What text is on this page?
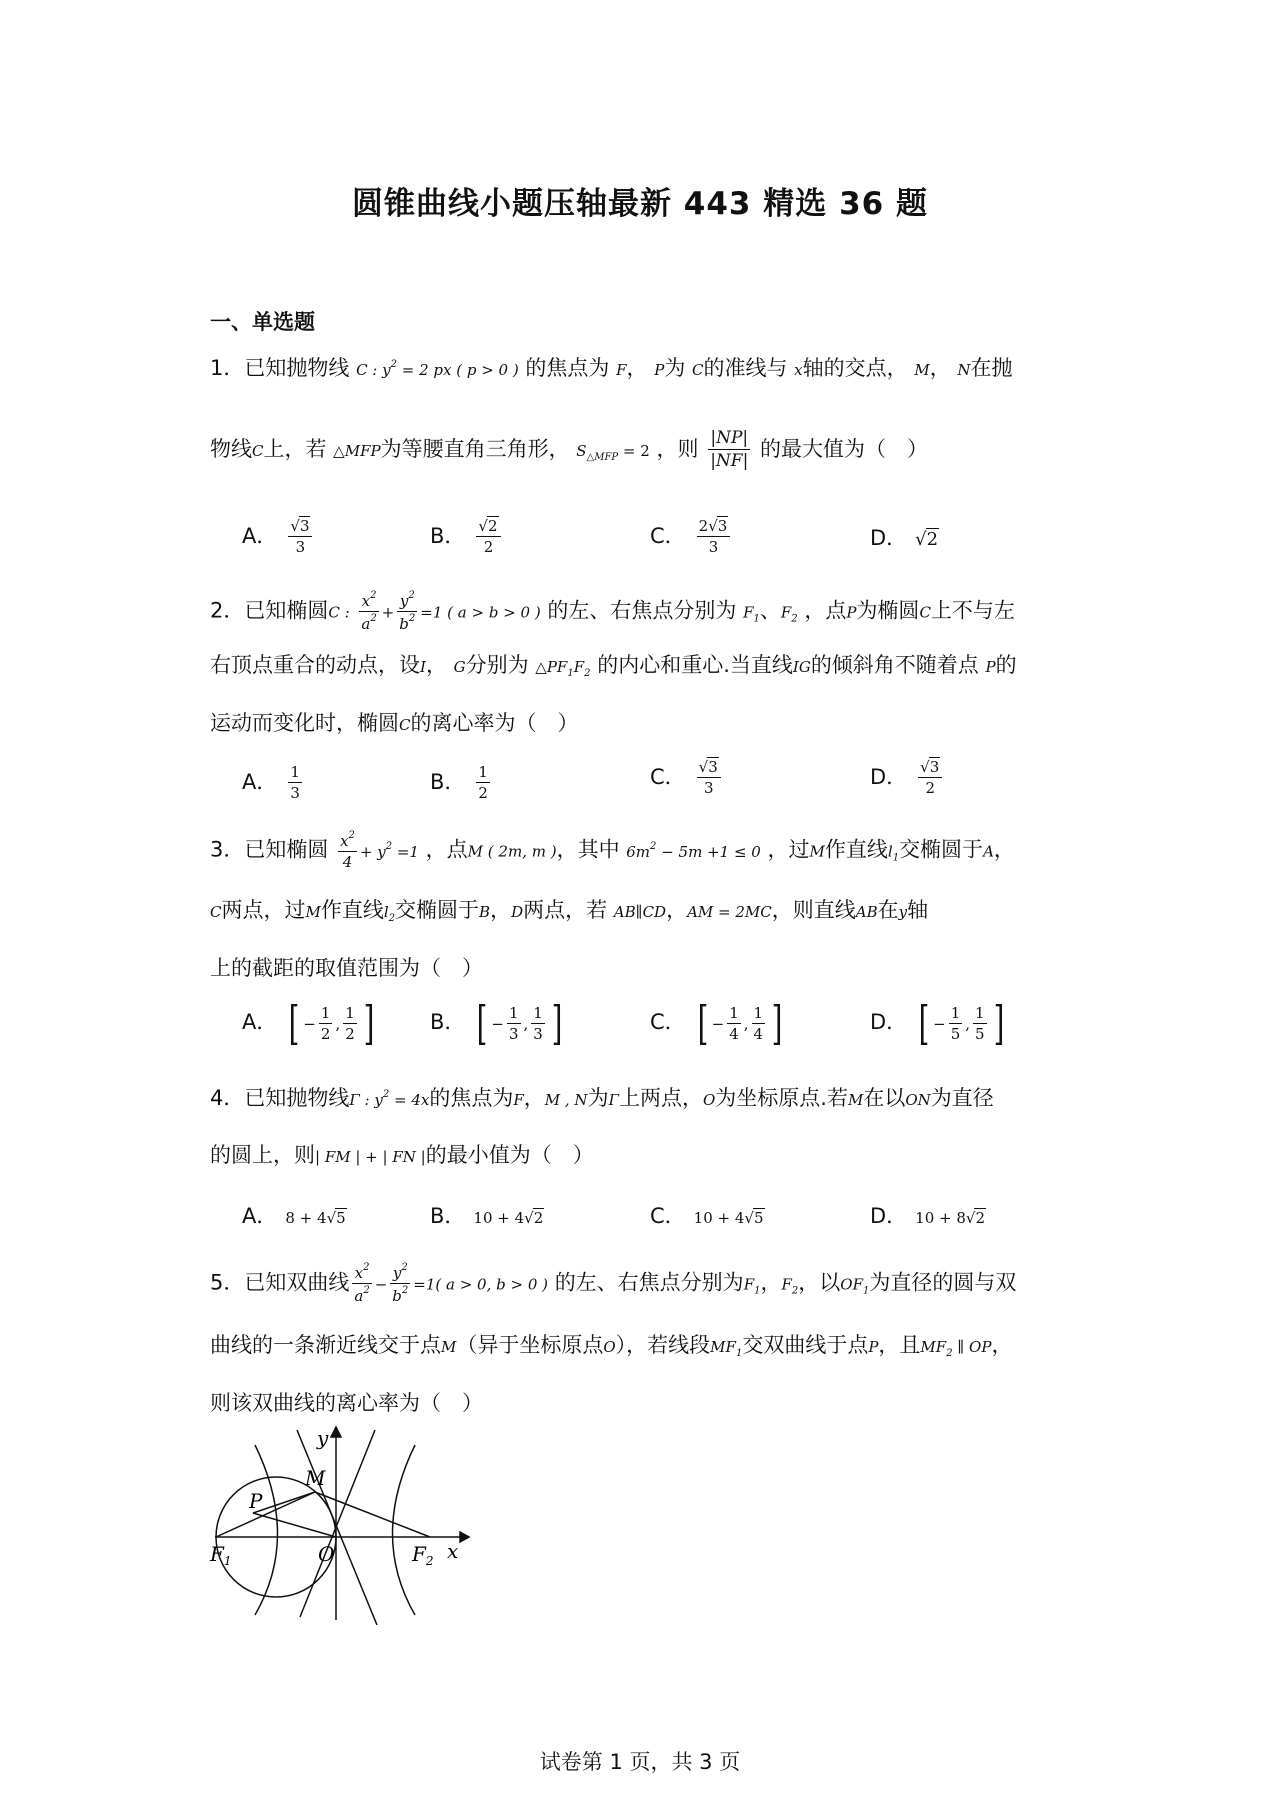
圆锥曲线小题压轴最新 443 精选 36 题
一、单选题
1．已知抛物线 C : $y^2 = 2$ px ( p > 0 ) 的焦点为 F， P为 C的准线与 x轴的交点， M， N在抛
物线C上，若 △MFP为等腰直角三角形， $S_{\triangle MFP} = 2$ ，则 $\frac{|NP|}{|NF|}$ 的最大值为（　）
A． $\frac{√3}{3}$	B． $\frac{√2}{2}$	C． $\frac{2√3}{3}$	D． √2
2．已知椭圆C : $\frac{x^2}{a^2} + \frac{y^2}{b^2} =1$ ( a > b > 0 ) 的左、右焦点分别为 $F_1$、$F_2$ ，点P为椭圆C上不与左
右顶点重合的动点，设I， G分别为 $\triangle PF_1F_2$ 的内心和重心.当直线IG的倾斜角不随着点 P的
运动而变化时，椭圆C的离心率为（　）
A． $\frac{1}{3}$	B． $\frac{1}{2}$	C． $\frac{√3}{3}$	D． $\frac{√3}{2}$
3．已知椭圆 $\frac{x^2}{4} + y^2 =1$ ，点M ( 2m, m )，其中 $6m^2 - 5m +1 \le 0$ ，过M作直线$l_1$交椭圆于A，
C两点，过M作直线$l_2$交椭圆于B，D两点，若 AB∥CD，AM = 2MC，则直线AB在y轴
上的截距的取值范围为（　）
A． [ − $\frac{1}{2}$ , $\frac{1}{2}$ ]	B． [ − $\frac{1}{3}$ , $\frac{1}{3}$ ]	C． [ − $\frac{1}{4}$ , $\frac{1}{4}$ ]	D． [ − $\frac{1}{5}$ , $\frac{1}{5}$ ]
4．已知抛物线Γ : $y^2 = 4x$的焦点为F，M , N为Γ上两点，O为坐标原点.若M在以ON为直径
的圆上，则| FM | + | FN |的最小值为（　）
A． 8 + 4√5	B． 10 + 4√2	C． 10 + 4√5	D． 10 + 8√2
5．已知双曲线 $\frac{x^2}{a^2} - \frac{y^2}{b^2} =1$( a > 0, b > 0 ) 的左、右焦点分别为$F_1$，$F_2$，以$OF_1$为直径的圆与双
曲线的一条渐近线交于点M（异于坐标原点O），若线段$MF_1$交双曲线于点P，且$MF_2$ ∥ OP，
则该双曲线的离心率为（　）
y
M
P
$F_1$	O	$F_2$ x
试卷第 1 页，共 3 页
